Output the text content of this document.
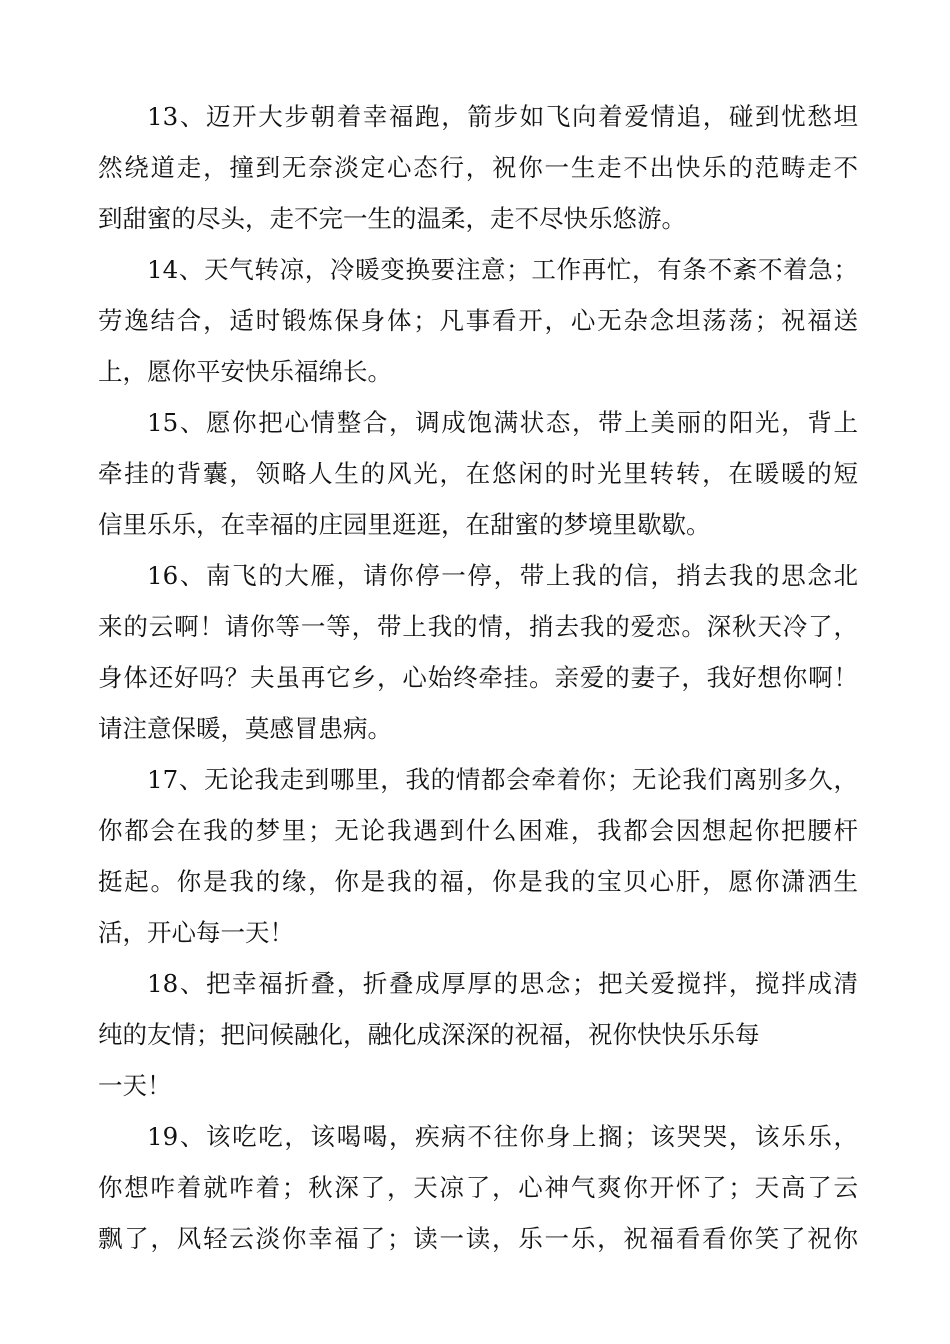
13、迈开大步朝着幸福跑，箭步如飞向着爱情追，碰到忧愁坦
然绕道走，撞到无奈淡定心态行，祝你一生走不出快乐的范畴走不
到甜蜜的尽头，走不完一生的温柔，走不尽快乐悠游。
14、天气转凉，冷暖变换要注意；工作再忙，有条不紊不着急；
劳逸结合，适时锻炼保身体；凡事看开，心无杂念坦荡荡；祝福送
上，愿你平安快乐福绵长。
15、愿你把心情整合，调成饱满状态，带上美丽的阳光，背上
牵挂的背囊，领略人生的风光，在悠闲的时光里转转，在暖暖的短
信里乐乐，在幸福的庄园里逛逛，在甜蜜的梦境里歇歇。
16、南飞的大雁，请你停一停，带上我的信，捎去我的思念北
来的云啊！请你等一等，带上我的情，捎去我的爱恋。深秋天冷了，
身体还好吗？夫虽再它乡，心始终牵挂。亲爱的妻子，我好想你啊！
请注意保暖，莫感冒患病。
17、无论我走到哪里，我的情都会牵着你；无论我们离别多久，
你都会在我的梦里；无论我遇到什么困难，我都会因想起你把腰杆
挺起。你是我的缘，你是我的福，你是我的宝贝心肝，愿你潇洒生
活，开心每一天！
18、把幸福折叠，折叠成厚厚的思念；把关爱搅拌，搅拌成清
纯的友情；把问候融化，融化成深深的祝福，祝你快快乐乐每
一天！
19、该吃吃，该喝喝，疾病不往你身上搁；该哭哭，该乐乐，
你想咋着就咋着；秋深了，天凉了，心神气爽你开怀了；天高了云
飘了，风轻云淡你幸福了；读一读，乐一乐，祝福看看你笑了祝你
